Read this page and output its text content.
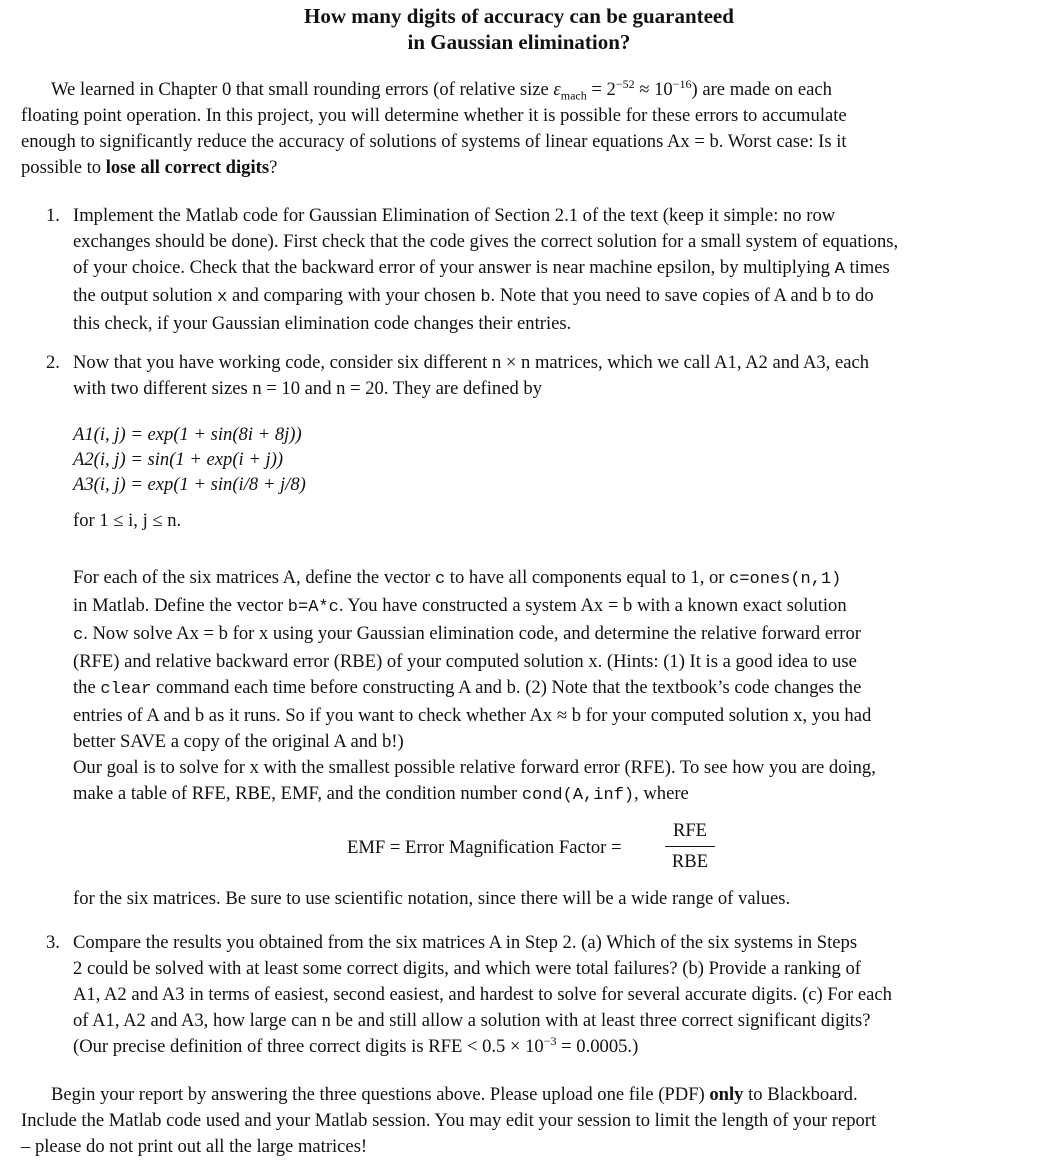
How many digits of accuracy can be guaranteed
in Gaussian elimination?
We learned in Chapter 0 that small rounding errors (of relative size $\varepsilon_{mach} = 2^{-52} \approx 10^{-16}$) are made on each
floating point operation. In this project, you will determine whether it is possible for these errors to accumulate
enough to significantly reduce the accuracy of solutions of systems of linear equations Ax = b. Worst case: Is it
possible to lose all correct digits?
1. Implement the Matlab code for Gaussian Elimination of Section 2.1 of the text (keep it simple: no row
exchanges should be done). First check that the code gives the correct solution for a small system of equations,
of your choice. Check that the backward error of your answer is near machine epsilon, by multiplying A times
the output solution x and comparing with your chosen b. Note that you need to save copies of A and b to do
this check, if your Gaussian elimination code changes their entries.
2. Now that you have working code, consider six different n × n matrices, which we call A1, A2 and A3, each
with two different sizes n = 10 and n = 20. They are defined by
A1(i, j) = exp(1 + sin(8i + 8j))
A2(i, j) = sin(1 + exp(i + j))
A3(i, j) = exp(1 + sin(i/8 + j/8)
for 1 ≤ i, j ≤ n.
For each of the six matrices A, define the vector c to have all components equal to 1, or c=ones(n,1)
in Matlab. Define the vector b=A*c. You have constructed a system Ax = b with a known exact solution
c. Now solve Ax = b for x using your Gaussian elimination code, and determine the relative forward error
(RFE) and relative backward error (RBE) of your computed solution x. (Hints: (1) It is a good idea to use
the clear command each time before constructing A and b. (2) Note that the textbook’s code changes the
entries of A and b as it runs. So if you want to check whether Ax ≈ b for your computed solution x, you had
better SAVE a copy of the original A and b!)
Our goal is to solve for x with the smallest possible relative forward error (RFE). To see how you are doing,
make a table of RFE, RBE, EMF, and the condition number cond(A,inf), where
EMF = Error Magnification Factor =
RFE
RBE
for the six matrices. Be sure to use scientific notation, since there will be a wide range of values.
3. Compare the results you obtained from the six matrices A in Step 2. (a) Which of the six systems in Steps
2 could be solved with at least some correct digits, and which were total failures? (b) Provide a ranking of
A1, A2 and A3 in terms of easiest, second easiest, and hardest to solve for several accurate digits. (c) For each
of A1, A2 and A3, how large can n be and still allow a solution with at least three correct significant digits?
(Our precise definition of three correct digits is RFE < $0.5 \times 10^{-3} = 0.0005$.)
Begin your report by answering the three questions above. Please upload one file (PDF) only to Blackboard.
Include the Matlab code used and your Matlab session. You may edit your session to limit the length of your report
– please do not print out all the large matrices!
